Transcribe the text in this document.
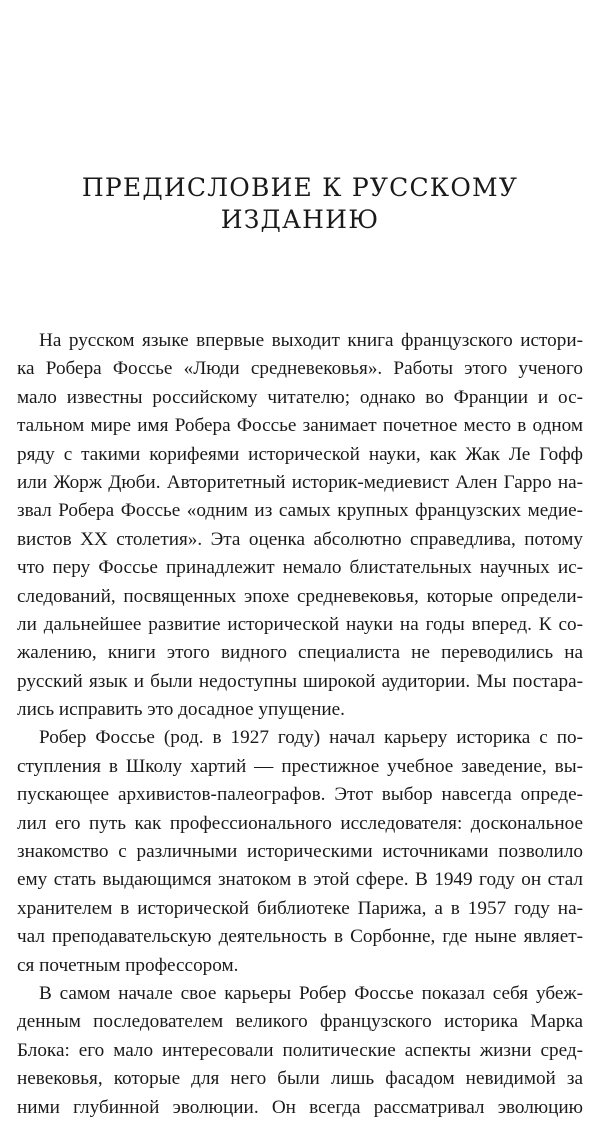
ПРЕДИСЛОВИЕ К РУССКОМУ ИЗДАНИЮ
На русском языке впервые выходит книга французского истори-
ка Робера Фоссье «Люди средневековья». Работы этого ученого
мало известны российскому читателю; однако во Франции и ос-
тальном мире имя Робера Фоссье занимает почетное место в одном
ряду с такими корифеями исторической науки, как Жак Ле Гофф
или Жорж Дюби. Авторитетный историк-медиевист Ален Гарро на-
звал Робера Фоссье «одним из самых крупных французских медие-
вистов XX столетия». Эта оценка абсолютно справедлива, потому
что перу Фоссье принадлежит немало блистательных научных ис-
следований, посвященных эпохе средневековья, которые определи-
ли дальнейшее развитие исторической науки на годы вперед. К со-
жалению, книги этого видного специалиста не переводились на
русский язык и были недоступны широкой аудитории. Мы постара-
лись исправить это досадное упущение.
Робер Фоссье (род. в 1927 году) начал карьеру историка с по-
ступления в Школу хартий — престижное учебное заведение, вы-
пускающее архивистов-палеографов. Этот выбор навсегда опреде-
лил его путь как профессионального исследователя: доскональное
знакомство с различными историческими источниками позволило
ему стать выдающимся знатоком в этой сфере. В 1949 году он стал
хранителем в исторической библиотеке Парижа, а в 1957 году на-
чал преподавательскую деятельность в Сорбонне, где ныне являет-
ся почетным профессором.
В самом начале свое карьеры Робер Фоссье показал себя убеж-
денным последователем великого французского историка Марка
Блока: его мало интересовали политические аспекты жизни сред-
невековья, которые для него были лишь фасадом невидимой за
ними глубинной эволюции. Он всегда рассматривал эволюцию
